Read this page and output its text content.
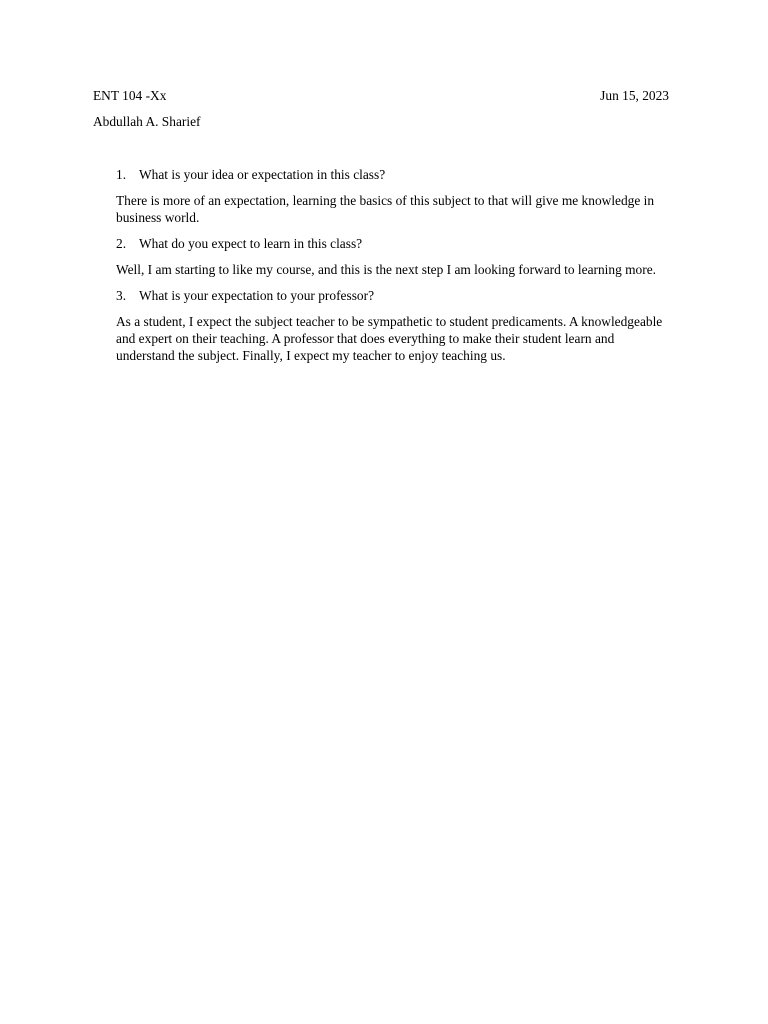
ENT 104 -Xx	Jun 15, 2023
Abdullah A. Sharief
1. What is your idea or expectation in this class?
There is more of an expectation, learning the basics of this subject to that will give me knowledge in business world.
2. What do you expect to learn in this class?
Well, I am starting to like my course, and this is the next step I am looking forward to learning more.
3. What is your expectation to your professor?
As a student, I expect the subject teacher to be sympathetic to student predicaments. A knowledgeable and expert on their teaching. A professor that does everything to make their student learn and understand the subject. Finally, I expect my teacher to enjoy teaching us.
